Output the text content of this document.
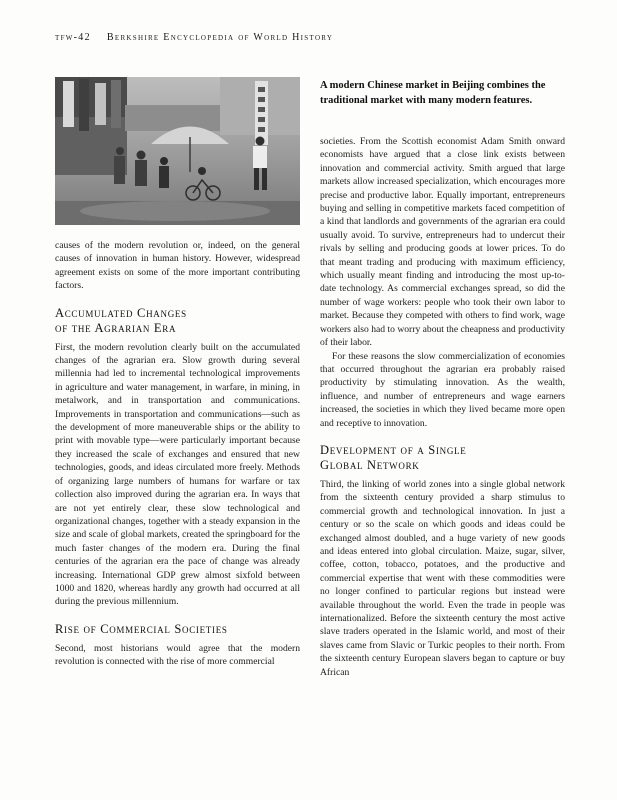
tfw-42 Berkshire Encyclopedia of World History

causes of the modern revolution or, indeed, on the general causes of innovation in human history. However, widespread agreement exists on some of the more important contributing factors.

Accumulated Changes
of the Agrarian Era

First, the modern revolution clearly built on the accumulated changes of the agrarian era. Slow growth during several millennia had led to incremental technological improvements in agriculture and water management, in warfare, in mining, in metalwork, and in transportation and communications. Improvements in transportation and communications—such as the development of more maneuverable ships or the ability to print with movable type—were particularly important because they increased the scale of exchanges and ensured that new technologies, goods, and ideas circulated more freely. Methods of organizing large numbers of humans for warfare or tax collection also improved during the agrarian era. In ways that are not yet entirely clear, these slow technological and organizational changes, together with a steady expansion in the size and scale of global markets, created the springboard for the much faster changes of the modern era. During the final centuries of the agrarian era the pace of change was already increasing. International GDP grew almost sixfold between 1000 and 1820, whereas hardly any growth had occurred at all during the previous millennium.

Rise of Commercial Societies

Second, most historians would agree that the modern revolution is connected with the rise of more commercial

A modern Chinese market in Beijing combines the traditional market with many modern features.

societies. From the Scottish economist Adam Smith onward economists have argued that a close link exists between innovation and commercial activity. Smith argued that large markets allow increased specialization, which encourages more precise and productive labor. Equally important, entrepreneurs buying and selling in competitive markets faced competition of a kind that landlords and governments of the agrarian era could usually avoid. To survive, entrepreneurs had to undercut their rivals by selling and producing goods at lower prices. To do that meant trading and producing with maximum efficiency, which usually meant finding and introducing the most up-to-date technology. As commercial exchanges spread, so did the number of wage workers: people who took their own labor to market. Because they competed with others to find work, wage workers also had to worry about the cheapness and productivity of their labor.

For these reasons the slow commercialization of economies that occurred throughout the agrarian era probably raised productivity by stimulating innovation. As the wealth, influence, and number of entrepreneurs and wage earners increased, the societies in which they lived became more open and receptive to innovation.

Development of a Single
Global Network

Third, the linking of world zones into a single global network from the sixteenth century provided a sharp stimulus to commercial growth and technological innovation. In just a century or so the scale on which goods and ideas could be exchanged almost doubled, and a huge variety of new goods and ideas entered into global circulation. Maize, sugar, silver, coffee, cotton, tobacco, potatoes, and the productive and commercial expertise that went with these commodities were no longer confined to particular regions but instead were available throughout the world. Even the trade in people was internationalized. Before the sixteenth century the most active slave traders operated in the Islamic world, and most of their slaves came from Slavic or Turkic peoples to their north. From the sixteenth century European slavers began to capture or buy African
